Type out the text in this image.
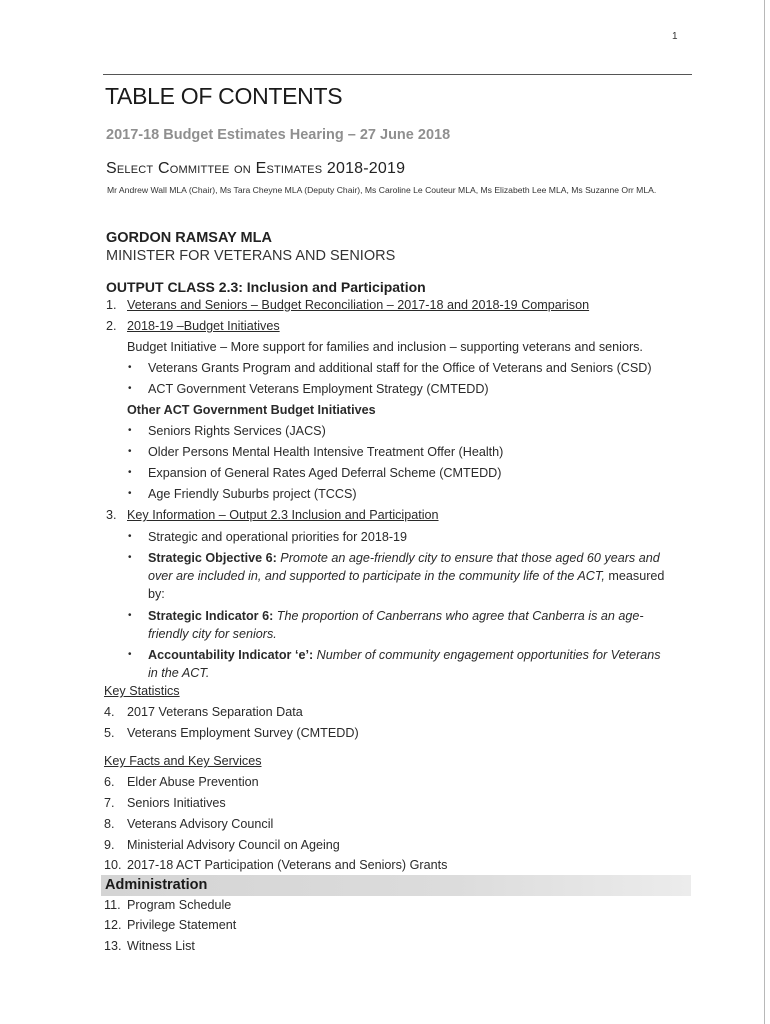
1
TABLE OF CONTENTS
2017-18 Budget Estimates Hearing – 27 June 2018
Select Committee on Estimates 2018-2019
Mr Andrew Wall MLA (Chair), Ms Tara Cheyne MLA (Deputy Chair), Ms Caroline Le Couteur MLA, Ms Elizabeth Lee MLA, Ms Suzanne Orr MLA.
GORDON RAMSAY MLA
MINISTER FOR VETERANS AND SENIORS
OUTPUT CLASS 2.3: Inclusion and Participation
1. Veterans and Seniors – Budget Reconciliation – 2017-18 and 2018-19 Comparison
2. 2018-19 –Budget Initiatives
Budget Initiative – More support for families and inclusion – supporting veterans and seniors.
• Veterans Grants Program and additional staff for the Office of Veterans and Seniors (CSD)
• ACT Government Veterans Employment Strategy (CMTEDD)
Other ACT Government Budget Initiatives
• Seniors Rights Services (JACS)
• Older Persons Mental Health Intensive Treatment Offer (Health)
• Expansion of General Rates Aged Deferral Scheme (CMTEDD)
• Age Friendly Suburbs project (TCCS)
3. Key Information – Output 2.3 Inclusion and Participation
• Strategic and operational priorities for 2018-19
• Strategic Objective 6: Promote an age-friendly city to ensure that those aged 60 years and over are included in, and supported to participate in the community life of the ACT, measured by:
• Strategic Indicator 6: The proportion of Canberrans who agree that Canberra is an age-friendly city for seniors.
• Accountability Indicator ‘e’: Number of community engagement opportunities for Veterans in the ACT.
Key Statistics
4. 2017 Veterans Separation Data
5. Veterans Employment Survey (CMTEDD)
Key Facts and Key Services
6. Elder Abuse Prevention
7. Seniors Initiatives
8. Veterans Advisory Council
9. Ministerial Advisory Council on Ageing
10. 2017-18 ACT Participation (Veterans and Seniors) Grants
Administration
11. Program Schedule
12. Privilege Statement
13. Witness List
